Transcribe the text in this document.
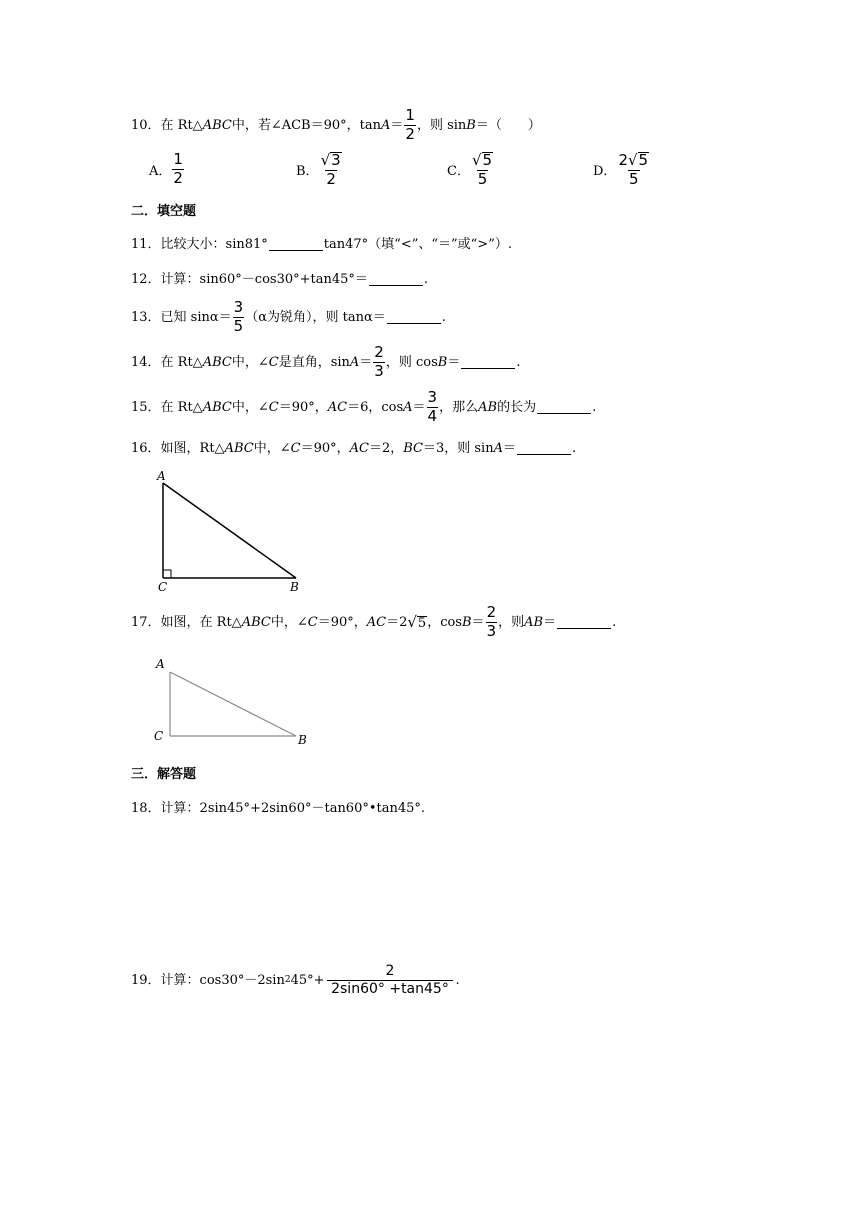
10．在 Rt△ ABC 中，若∠ACB＝90°，$\tan A = \frac{1}{2}$ ，则 sin B ＝（　　）
A． $\frac{1}{2}$	B． $\frac{√ 3}{2}$	C． $\frac{√ 5}{5}$	D． $\frac{2 √ 5}{5}$
二．填空题
11．比较大小：sin81°	tan47°（填“<”、“＝”或“>”）.
12．计算：sin60°－cos30°+tan45°＝	.
13．已知 $\sin\alpha= \frac{3}{5} (\alpha$为锐角），则 tanα＝	.
14．在 Rt△ ABC 中，∠ C 是直角，$\sin A = \frac{2}{3}$ ，则 cos B ＝	.
15．在 Rt△ ABC 中，∠ C ＝90°， AC ＝6，$\cos A = \frac{3}{4}$ ，那么 AB 的长为	.
16．如图，Rt△ ABC 中，∠ C ＝90°， AC ＝2， BC ＝3，则 sin A ＝	.
A
C	B
17．如图，在 Rt△ ABC 中，∠ C ＝90°， AC ＝2 √ 5 ，$\cos B = \frac{2}{3}$ ，则 AB ＝	.
A
C	B
三．解答题
18．计算：2sin45°+2sin60°－tan60°•tan45°.
19．计算：cos30°－2sin 2 $45^\circ+ \frac{2}{2\sin 60^\circ +\tan 45^\circ}$ .
